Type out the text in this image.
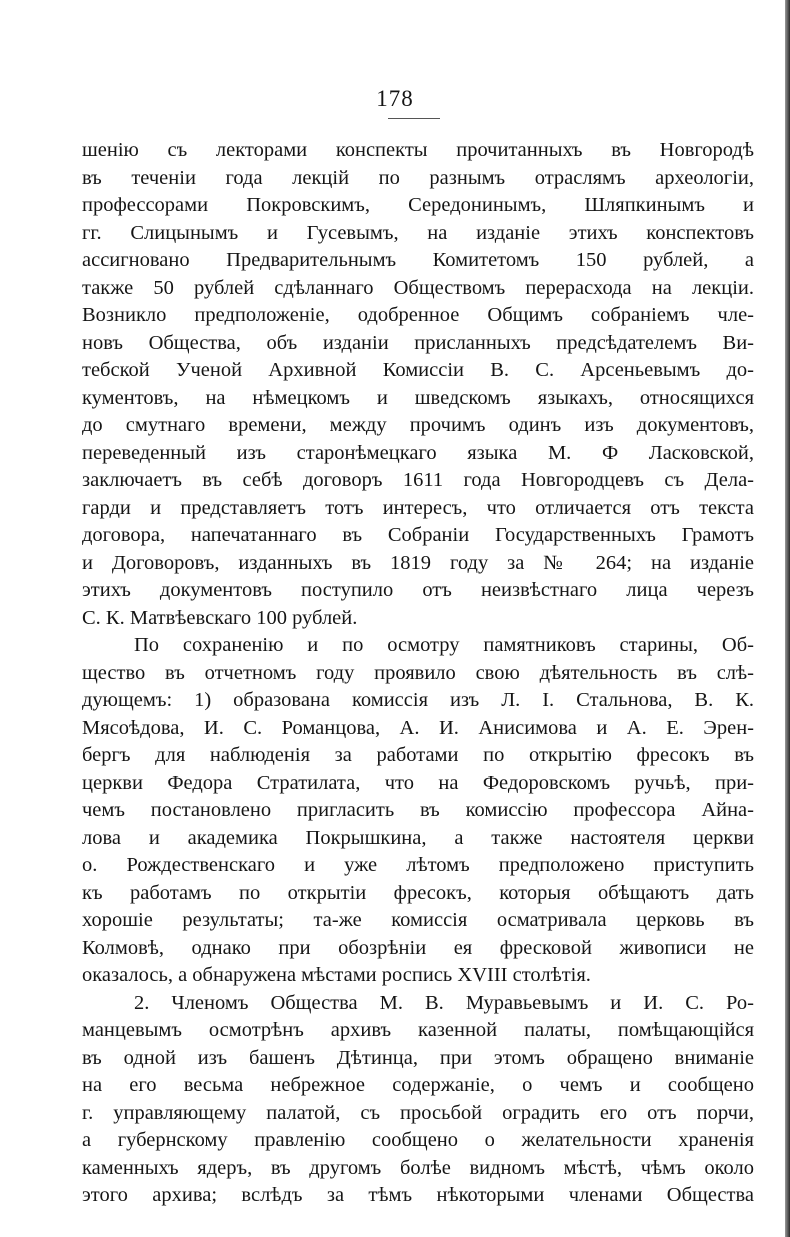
178
шенію съ лекторами конспекты прочитанныхъ въ Новгородѣ
въ теченіи года лекцій по разнымъ отраслямъ археологіи,
профессорами Покровскимъ, Середонинымъ, Шляпкинымъ и
гг. Слицынымъ и Гусевымъ, на изданіе этихъ конспектовъ
ассигновано Предварительнымъ Комитетомъ 150 рублей, а
также 50 рублей сдѣланнаго Обществомъ перерасхода на лекціи.
Возникло предположеніе, одобренное Общимъ собраніемъ чле-
новъ Общества, объ изданіи присланныхъ предсѣдателемъ Ви-
тебской Ученой Архивной Комиссіи В. С. Арсеньевымъ до-
кументовъ, на нѣмецкомъ и шведскомъ языкахъ, относящихся
до смутнаго времени, между прочимъ одинъ изъ документовъ,
переведенный изъ старонѣмецкаго языка М. Ф Ласковской,
заключаетъ въ себѣ договоръ 1611 года Новгородцевъ съ Дела-
гарди и представляетъ тотъ интересъ, что отличается отъ текста
договора, напечатаннаго въ Собраніи Государственныхъ Грамотъ
и Договоровъ, изданныхъ въ 1819 году за № 264; на изданіе
этихъ документовъ поступило отъ неизвѣстнаго лица черезъ
С. К. Матвѣевскаго 100 рублей.
По сохраненію и по осмотру памятниковъ старины, Об-
щество въ отчетномъ году проявило свою дѣятельность въ слѣ-
дующемъ: 1) образована комиссія изъ Л. І. Стальнова, В. К.
Мясоѣдова, И. С. Романцова, А. И. Анисимова и А. Е. Эрен-
бергъ для наблюденія за работами по открытію фресокъ въ
церкви Федора Стратилата, что на Федоровскомъ ручьѣ, при-
чемъ постановлено пригласить въ комиссію профессора Айна-
лова и академика Покрышкина, а также настоятеля церкви
о. Рождественскаго и уже лѣтомъ предположено приступить
къ работамъ по открытіи фресокъ, которыя обѣщаютъ дать
хорошіе результаты; та-же комиссія осматривала церковь въ
Колмовѣ, однако при обозрѣніи ея фресковой живописи не
оказалось, а обнаружена мѣстами роспись XVIII столѣтія.
2. Членомъ Общества М. В. Муравьевымъ и И. С. Ро-
манцевымъ осмотрѣнъ архивъ казенной палаты, помѣщающійся
въ одной изъ башенъ Дѣтинца, при этомъ обращено вниманіе
на его весьма небрежное содержаніе, о чемъ и сообщено
г. управляющему палатой, съ просьбой оградить его отъ порчи,
а губернскому правленію сообщено о желательности храненія
каменныхъ ядеръ, въ другомъ болѣе видномъ мѣстѣ, чѣмъ около
этого архива; вслѣдъ за тѣмъ нѣкоторыми членами Общества
